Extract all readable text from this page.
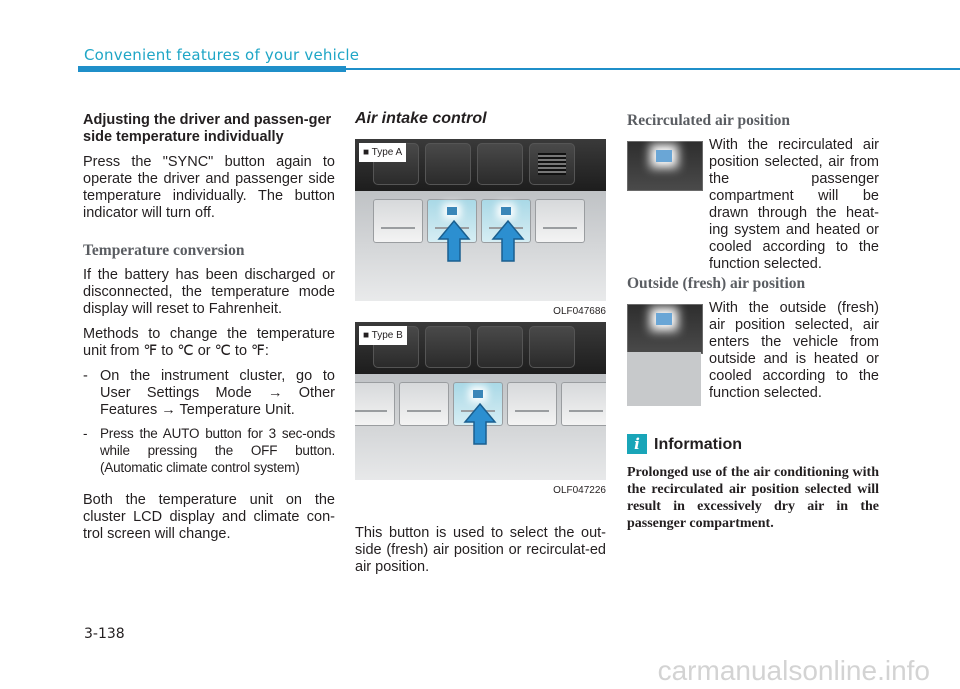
Convenient features of your vehicle

Adjusting the driver and passen-ger side temperature individually

Press the "SYNC" button again to operate the driver and passenger side temperature individually. The button indicator will turn off.

Temperature conversion

If the battery has been discharged or disconnected, the temperature mode display will reset to Fahrenheit.

Methods to change the temperature unit from ℉ to ℃ or ℃ to ℉:

- On the instrument cluster, go to User Settings Mode → Other Features → Temperature Unit.
- Press the AUTO button for 3 sec-onds while pressing the OFF button. (Automatic climate control system)

Both the temperature unit on the cluster LCD display and climate con-trol screen will change.

Air intake control
■ Type A
OLF047686
■ Type B
OLF047226

This button is used to select the out-side (fresh) air position or recirculat-ed air position.

Recirculated air position
With the recirculated air position selected, air from the passenger compartment will be drawn through the heat-ing system and heated or cooled according to the function selected.
Outside (fresh) air position
With the outside (fresh) air position selected, air enters the vehicle from outside and is heated or cooled according to the function selected.
i Information

Prolonged use of the air conditioning with the recirculated air position selected will result in excessively dry air in the passenger compartment.

3-138
carmanualsonline.info
